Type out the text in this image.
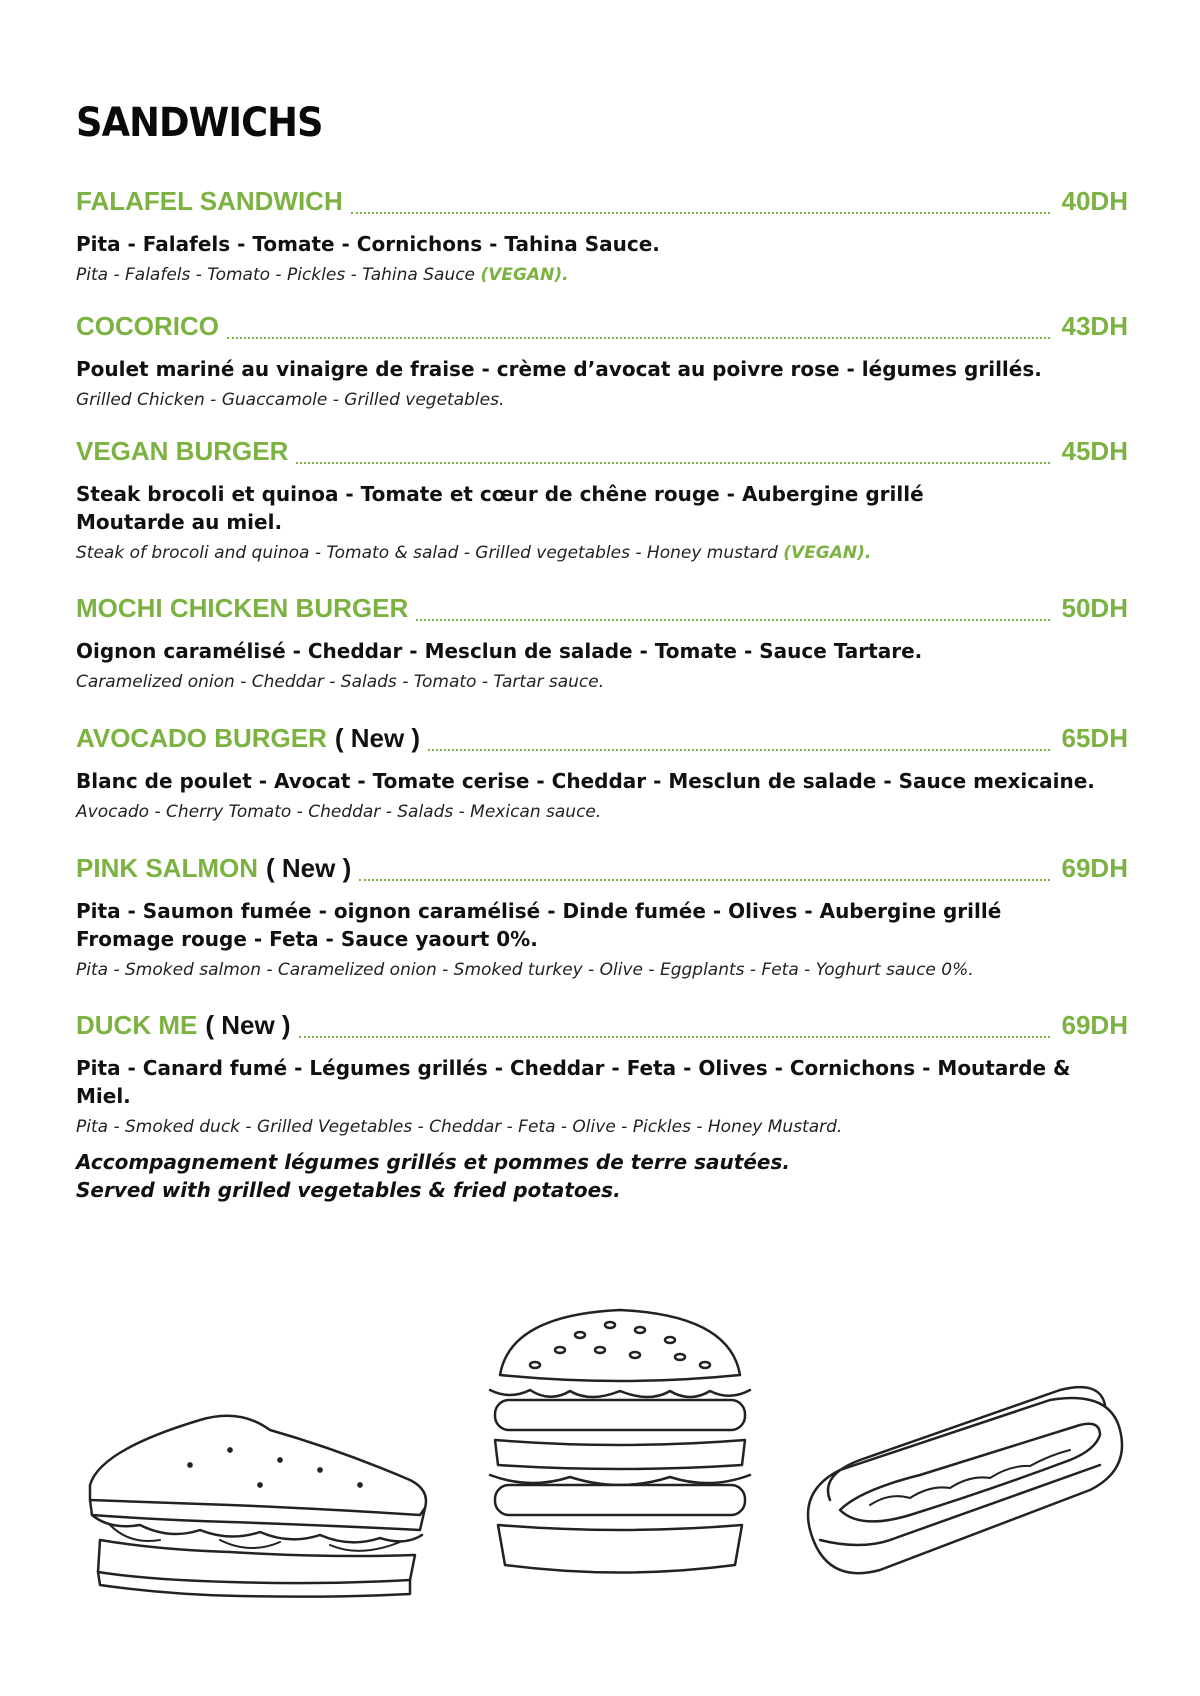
SANDWICHS
FALAFEL SANDWICH	40DH
Pita - Falafels - Tomate - Cornichons - Tahina Sauce.
Pita - Falafels - Tomato - Pickles - Tahina Sauce (VEGAN).
COCORICO	43DH
Poulet mariné au vinaigre de fraise - crème d’avocat au poivre rose - légumes grillés.
Grilled Chicken - Guaccamole - Grilled vegetables.
VEGAN BURGER	45DH
Steak brocoli et quinoa - Tomate et cœur de chêne rouge - Aubergine grillé
Moutarde au miel.
Steak of brocoli and quinoa - Tomato & salad - Grilled vegetables - Honey mustard (VEGAN).
MOCHI CHICKEN BURGER	50DH
Oignon caramélisé - Cheddar - Mesclun de salade - Tomate - Sauce Tartare.
Caramelized onion - Cheddar - Salads - Tomato - Tartar sauce.
AVOCADO BURGER ( New )	65DH
Blanc de poulet - Avocat - Tomate cerise - Cheddar - Mesclun de salade - Sauce mexicaine.
Avocado - Cherry Tomato - Cheddar - Salads - Mexican sauce.
PINK SALMON ( New )	69DH
Pita - Saumon fumée - oignon caramélisé - Dinde fumée - Olives - Aubergine grillé
Fromage rouge - Feta - Sauce yaourt 0%.
Pita - Smoked salmon - Caramelized onion - Smoked turkey - Olive - Eggplants - Feta - Yoghurt sauce 0%.
DUCK ME ( New )	69DH
Pita - Canard fumé - Légumes grillés - Cheddar - Feta - Olives - Cornichons - Moutarde & Miel.
Pita - Smoked duck - Grilled Vegetables - Cheddar - Feta - Olive - Pickles - Honey Mustard.
Accompagnement légumes grillés et pommes de terre sautées.
Served with grilled vegetables & fried potatoes.
